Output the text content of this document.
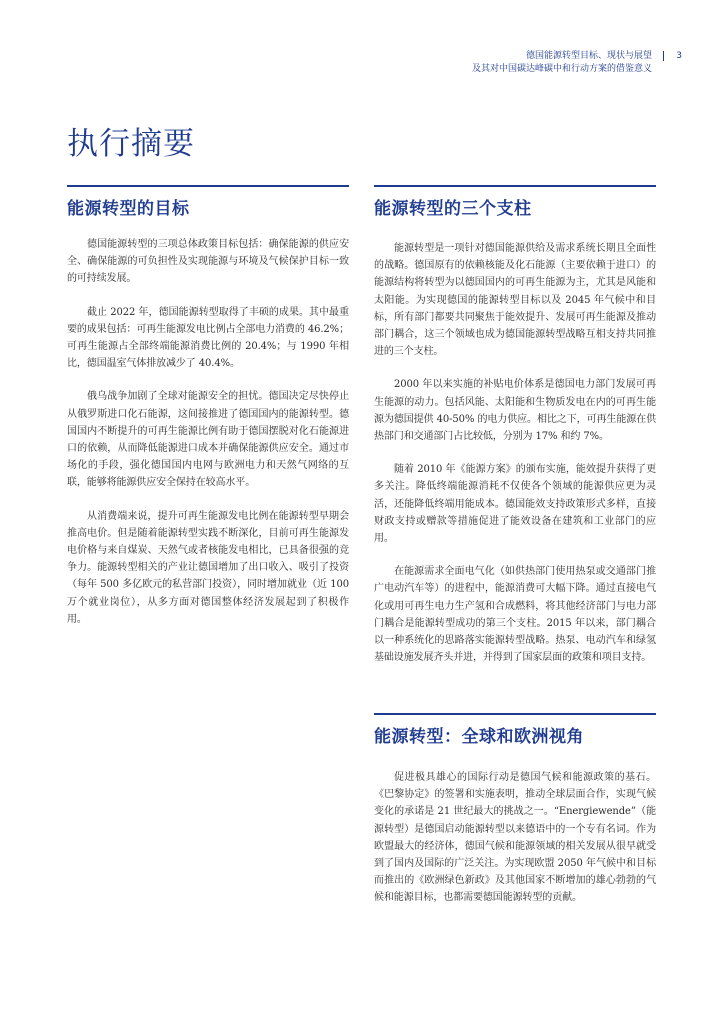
德国能源转型目标、现状与展望
及其对中国碳达峰碳中和行动方案的借鉴意义
3
执行摘要
能源转型的目标

德国能源转型的三项总体政策目标包括：确保能源的供应安全、确保能源的可负担性及实现能源与环境及气候保护目标一致的可持续发展。

截止 2022 年，德国能源转型取得了丰硕的成果。其中最重要的成果包括：可再生能源发电比例占全部电力消费的 46.2%；可再生能源占全部终端能源消费比例的 20.4%；与 1990 年相比，德国温室气体排放减少了 40.4%。

俄乌战争加剧了全球对能源安全的担忧。德国决定尽快停止从俄罗斯进口化石能源，这间接推进了德国国内的能源转型。德国国内不断提升的可再生能源比例有助于德国摆脱对化石能源进口的依赖，从而降低能源进口成本并确保能源供应安全。通过市场化的手段，强化德国国内电网与欧洲电力和天然气网络的互联，能够将能源供应安全保持在较高水平。

从消费端来说，提升可再生能源发电比例在能源转型早期会推高电价。但是随着能源转型实践不断深化，目前可再生能源发电价格与来自煤炭、天然气或者核能发电相比，已具备很强的竞争力。能源转型相关的产业让德国增加了出口收入、吸引了投资（每年 500 多亿欧元的私营部门投资），同时增加就业（近 100 万个就业岗位），从多方面对德国整体经济发展起到了积极作用。

能源转型的三个支柱

能源转型是一项针对德国能源供给及需求系统长期且全面性的战略。德国原有的依赖核能及化石能源（主要依赖于进口）的能源结构将转型为以德国国内的可再生能源为主，尤其是风能和太阳能。为实现德国的能源转型目标以及 2045 年气候中和目标，所有部门都要共同聚焦于能效提升、发展可再生能源及推动部门耦合，这三个领域也成为德国能源转型战略互相支持共同推进的三个支柱。

2000 年以来实施的补贴电价体系是德国电力部门发展可再生能源的动力。包括风能、太阳能和生物质发电在内的可再生能源为德国提供 40-50% 的电力供应。相比之下，可再生能源在供热部门和交通部门占比较低，分别为 17% 和约 7%。

随着 2010 年《能源方案》的颁布实施，能效提升获得了更多关注。降低终端能源消耗不仅使各个领域的能源供应更为灵活，还能降低终端用能成本。德国能效支持政策形式多样，直接财政支持或赠款等措施促进了能效设备在建筑和工业部门的应用。

在能源需求全面电气化（如供热部门使用热泵或交通部门推广电动汽车等）的进程中，能源消费可大幅下降。通过直接电气化或用可再生电力生产氢和合成燃料，将其他经济部门与电力部门耦合是能源转型成功的第三个支柱。2015 年以来，部门耦合以一种系统化的思路落实能源转型战略。热泵、电动汽车和绿氢基础设施发展齐头并进，并得到了国家层面的政策和项目支持。

能源转型：全球和欧洲视角

促进极具雄心的国际行动是德国气候和能源政策的基石。《巴黎协定》的签署和实施表明，推动全球层面合作，实现气候变化的承诺是 21 世纪最大的挑战之一。“Energiewende”（能源转型）是德国启动能源转型以来德语中的一个专有名词。作为欧盟最大的经济体，德国气候和能源领域的相关发展从很早就受到了国内及国际的广泛关注。为实现欧盟 2050 年气候中和目标而推出的《欧洲绿色新政》及其他国家不断增加的雄心勃勃的气候和能源目标，也都需要德国能源转型的贡献。
